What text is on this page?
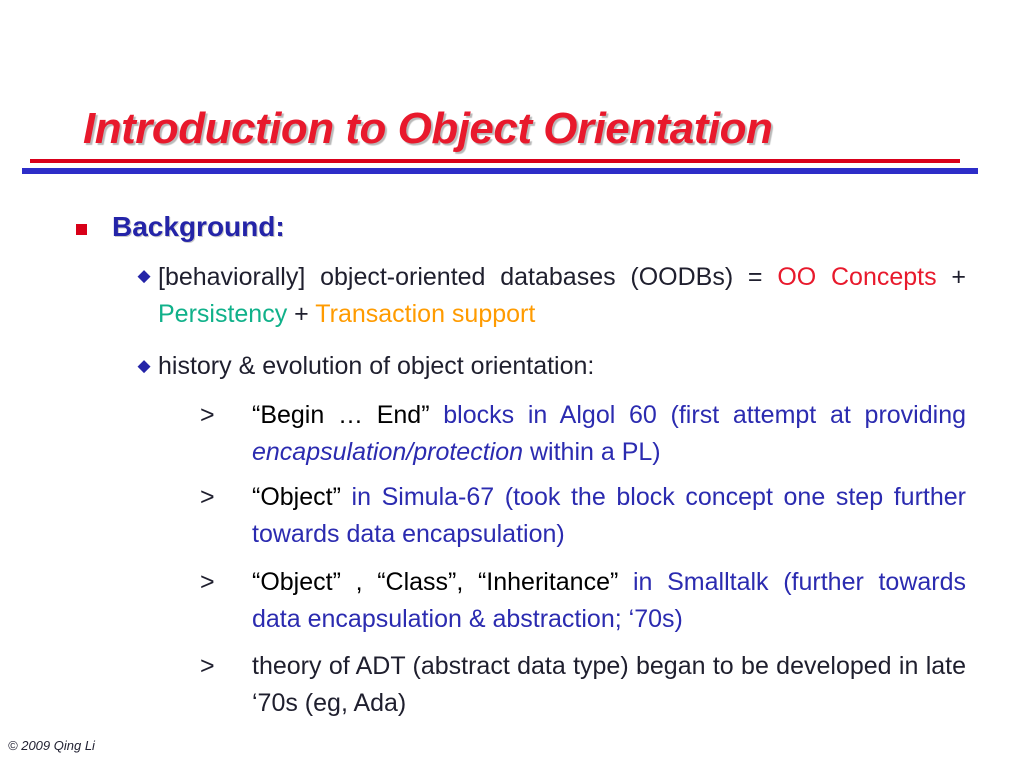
Introduction to Object Orientation
Background:
◆ [behaviorally] object-oriented databases (OODBs) = OO Concepts + Persistency + Transaction support

◆ history & evolution of object orientation:

> “Begin … End” blocks in Algol 60 (first attempt at providing encapsulation/protection within a PL)

> “Object” in Simula-67 (took the block concept one step further towards data encapsulation)

> “Object” , “Class”, “Inheritance” in Smalltalk (further towards data encapsulation & abstraction; ‘70s)

> theory of ADT (abstract data type) began to be developed in late ‘70s (eg, Ada)

© 2009 Qing Li
